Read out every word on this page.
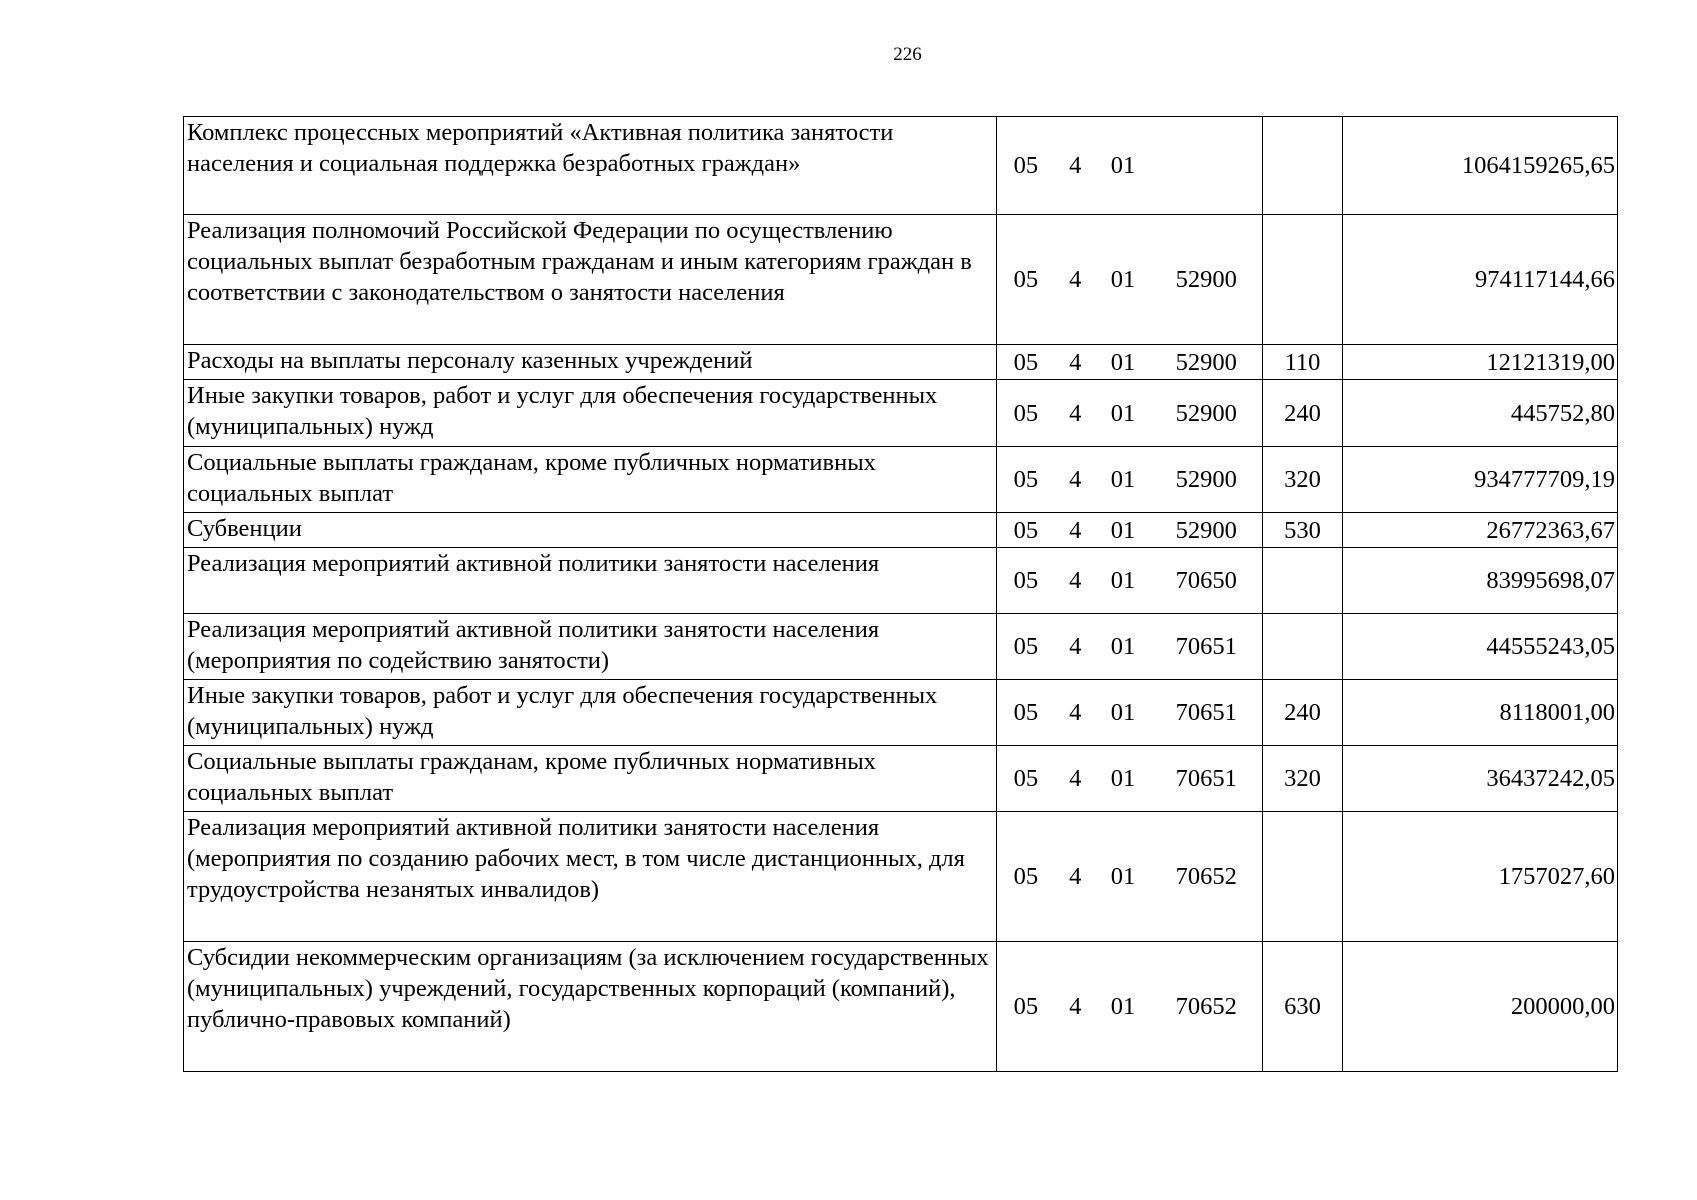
226
Комплекс процессных мероприятий «Активная политика занятости населения и социальная поддержка безработных граждан»	05 4 01		1064159265,65
Реализация полномочий Российской Федерации по осуществлению социальных выплат безработным гражданам и иным категориям граждан в соответствии с законодательством о занятости населения	05 4 01 52900		974117144,66
Расходы на выплаты персоналу казенных учреждений	05 4 01 52900	110	12121319,00
Иные закупки товаров, работ и услуг для обеспечения государственных (муниципальных) нужд	05 4 01 52900	240	445752,80
Социальные выплаты гражданам, кроме публичных нормативных социальных выплат	05 4 01 52900	320	934777709,19
Субвенции	05 4 01 52900	530	26772363,67
Реализация мероприятий активной политики занятости населения	05 4 01 70650		83995698,07
Реализация мероприятий активной политики занятости населения (мероприятия по содействию занятости)	05 4 01 70651		44555243,05
Иные закупки товаров, работ и услуг для обеспечения государственных (муниципальных) нужд	05 4 01 70651	240	8118001,00
Социальные выплаты гражданам, кроме публичных нормативных социальных выплат	05 4 01 70651	320	36437242,05
Реализация мероприятий активной политики занятости населения (мероприятия по созданию рабочих мест, в том числе дистанционных, для трудоустройства незанятых инвалидов)	05 4 01 70652		1757027,60
Субсидии некоммерческим организациям (за исключением государственных (муниципальных) учреждений, государственных корпораций (компаний), публично-правовых компаний)	05 4 01 70652	630	200000,00
